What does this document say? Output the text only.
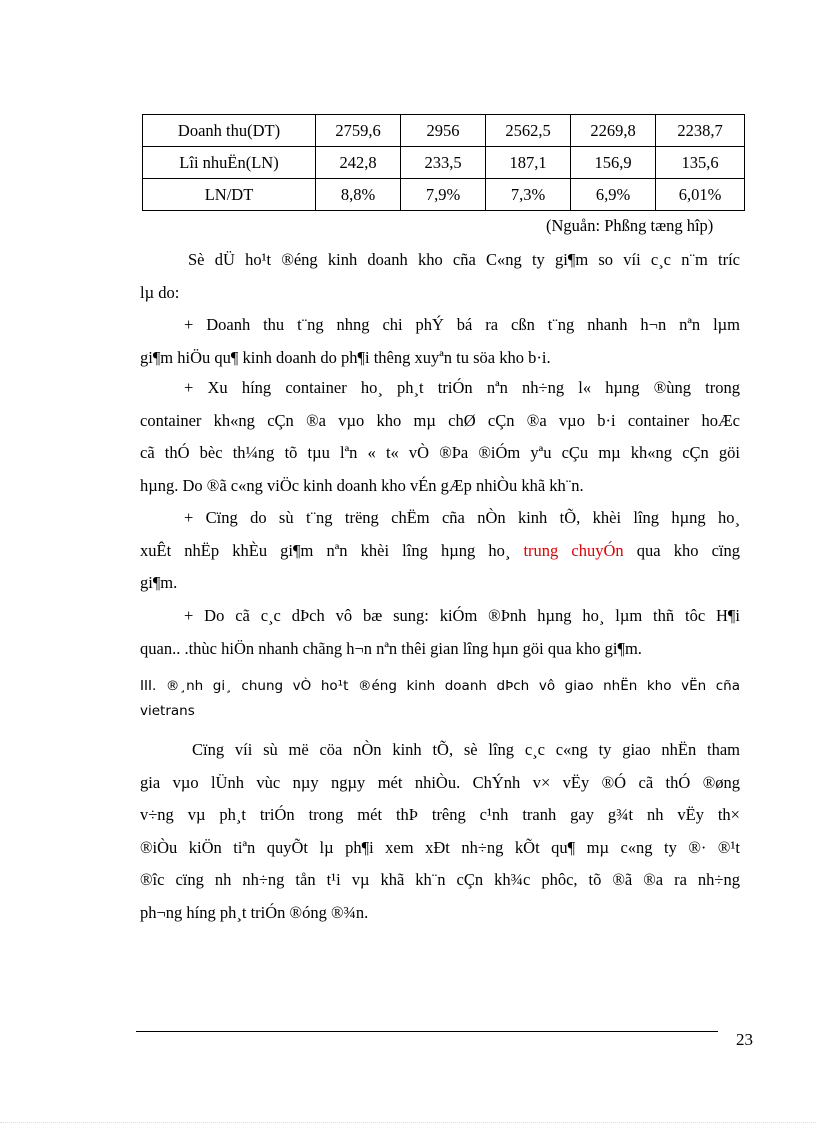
Doanh thu(DT)	2759,6	2956	2562,5	2269,8	2238,7
Lîi nhuËn(LN)	242,8	233,5	187,1	156,9	135,6
LN/DT	8,8%	7,9%	7,3%	6,9%	6,01%
(Nguån: Phßng tæng hîp)
Sè dÜ ho¹t ®éng kinh doanh kho cña C«ng ty gi¶m so víi c¸c n¨m tríc
lµ do:
+ Doanh thu t¨ng nhng chi phÝ bá ra cßn t¨ng nhanh h¬n nªn lµm
gi¶m hiÖu qu¶ kinh doanh do ph¶i thêng xuyªn tu söa kho b·i.
+ Xu híng container ho¸ ph¸t triÓn nªn nh÷ng l« hµng ®ùng trong
container kh«ng cÇn ®a vµo kho mµ chØ cÇn ®a vµo b·i container hoÆc
cã thÓ bèc th¼ng tõ tµu lªn « t« vÒ ®Þa ®iÓm yªu cÇu mµ kh«ng cÇn göi
hµng. Do ®ã c«ng viÖc kinh doanh kho vÉn gÆp nhiÒu khã kh¨n.
+ Cïng do sù t¨ng trëng chËm cña nÒn kinh tÕ, khèi lîng hµng ho¸
xuÊt nhËp khÈu gi¶m nªn khèi lîng hµng ho¸ trung chuyÓn qua kho cïng
gi¶m.
+ Do cã c¸c dÞch vô bæ sung: kiÓm ®Þnh hµng ho¸ lµm thñ tôc H¶i
quan.. .thùc hiÖn nhanh chãng h¬n nªn thêi gian lîng hµn göi qua kho gi¶m.
III. ®¸nh gi¸ chung vÒ ho¹t ®éng kinh doanh dÞch vô giao nhËn kho vËn cña
vietrans
Cïng víi sù më cöa nÒn kinh tÕ, sè lîng c¸c c«ng ty giao nhËn tham
gia vµo lÜnh vùc nµy ngµy mét nhiÒu. ChÝnh v× vËy ®Ó cã thÓ ®øng
v÷ng vµ ph¸t triÓn trong mét thÞ trêng c¹nh tranh gay g¾t nh vËy th×
®iÒu kiÖn tiªn quyÕt lµ ph¶i xem xÐt nh÷ng kÕt qu¶ mµ c«ng ty ®· ®¹t
®îc cïng nh nh÷ng tån t¹i vµ khã kh¨n cÇn kh¾c phôc, tõ ®ã ®a ra nh÷ng
ph¬ng híng ph¸t triÓn ®óng ®¾n.
23
